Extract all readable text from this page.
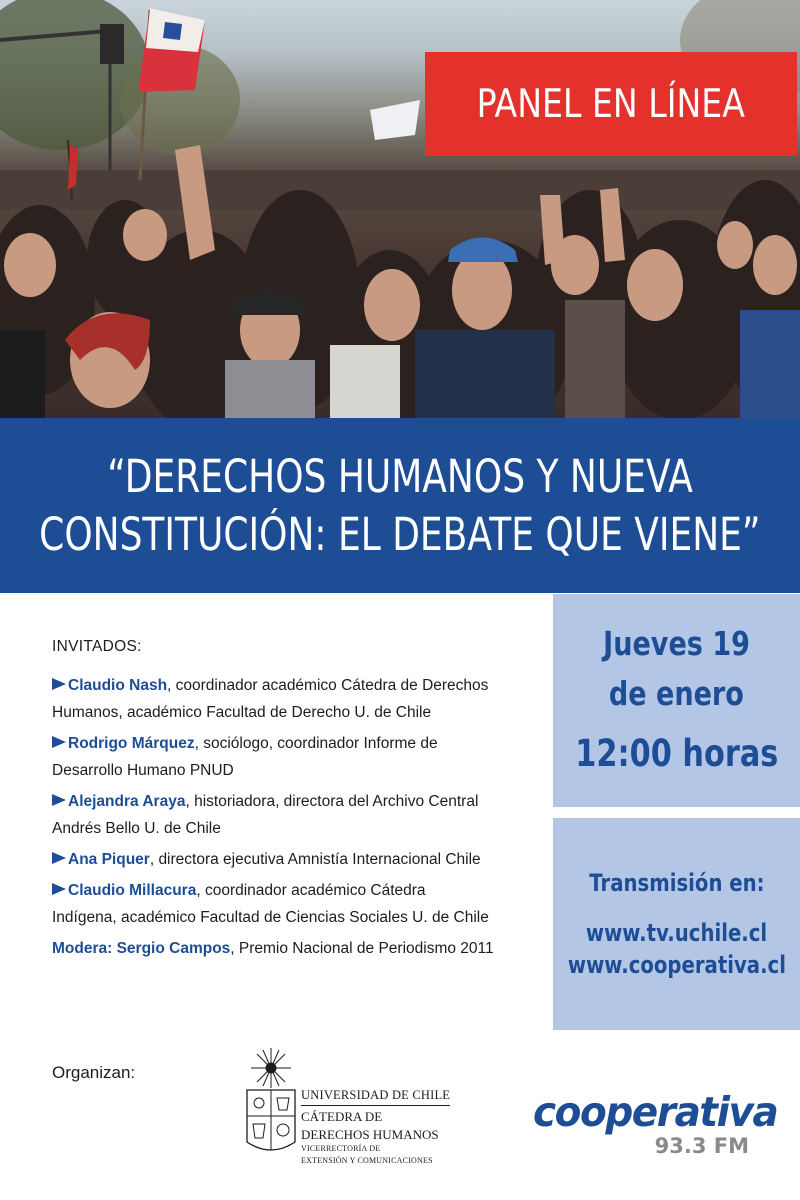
PANEL EN LÍNEA
“DERECHOS HUMANOS Y NUEVA
CONSTITUCIÓN: EL DEBATE QUE VIENE”
INVITADOS:
Claudio Nash, coordinador académico Cátedra de Derechos
Humanos, académico Facultad de Derecho U. de Chile
Rodrigo Márquez, sociólogo, coordinador Informe de
Desarrollo Humano PNUD
Alejandra Araya, historiadora, directora del Archivo Central
Andrés Bello U. de Chile
Ana Piquer, directora ejecutiva Amnistía Internacional Chile
Claudio Millacura, coordinador académico Cátedra
Indígena, académico Facultad de Ciencias Sociales U. de Chile
Modera: Sergio Campos, Premio Nacional de Periodismo 2011
Jueves 19
de enero
12:00 horas
Transmisión en:
www.tv.uchile.cl
www.cooperativa.cl
Organizan:
UNIVERSIDAD DE CHILE
CÁTEDRA DE
DERECHOS HUMANOS
VICERRECTORÍA DE
EXTENSIÓN Y COMUNICACIONES
cooperativa
93.3 FM
